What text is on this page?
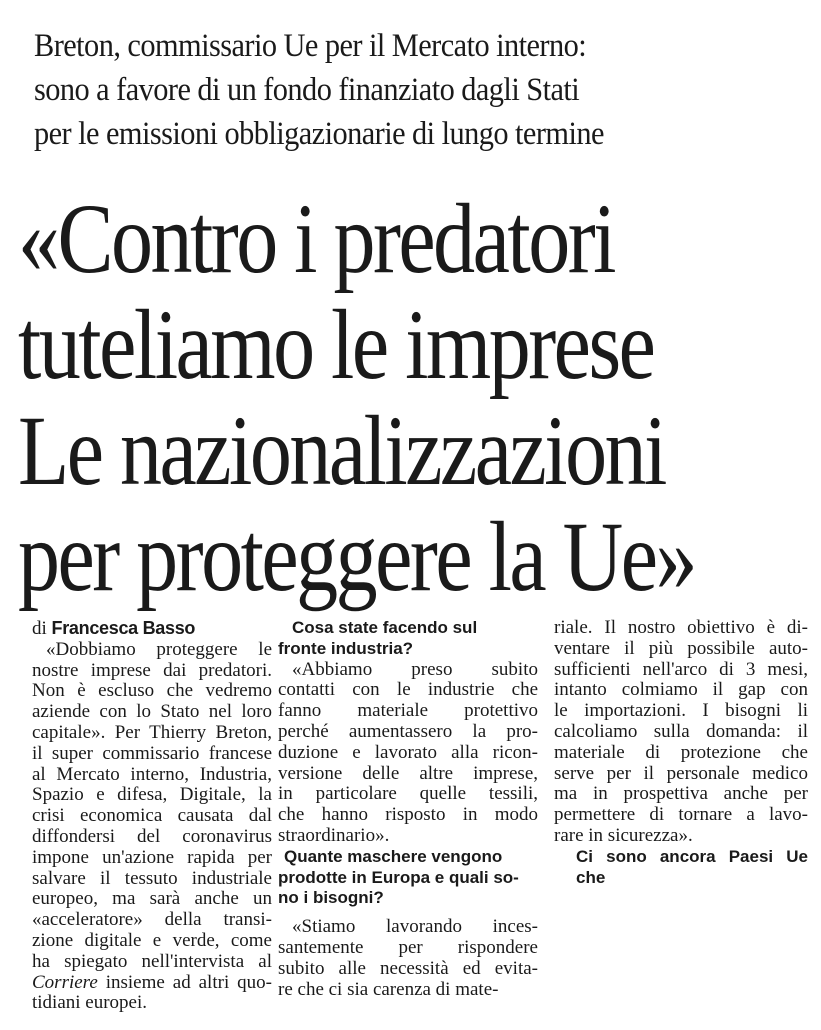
Breton, commissario Ue per il Mercato interno:
sono a favore di un fondo finanziato dagli Stati
per le emissioni obbligazionarie di lungo termine
«Contro i predatori
tuteliamo le imprese
Le nazionalizzazioni
per proteggere la Ue»
di Francesca Basso
«Dobbiamo proteggere le
nostre imprese dai predatori.
Non è escluso che vedremo
aziende con lo Stato nel loro
capitale». Per Thierry Breton,
il super commissario francese
al Mercato interno, Industria,
Spazio e difesa, Digitale, la
crisi economica causata dal
diffondersi del coronavirus
impone un'azione rapida per
salvare il tessuto industriale
europeo, ma sarà anche un
«acceleratore» della transi-
zione digitale e verde, come
ha spiegato nell'intervista al
Corriere insieme ad altri quo-
tidiani europei.
Cosa state facendo sul
fronte industria?
«Abbiamo preso subito
contatti con le industrie che
fanno materiale protettivo
perché aumentassero la pro-
duzione e lavorato alla ricon-
versione delle altre imprese,
in particolare quelle tessili,
che hanno risposto in modo
straordinario».
Quante maschere vengono
prodotte in Europa e quali so-
no i bisogni?
«Stiamo lavorando inces-
santemente per rispondere
subito alle necessità ed evita-
re che ci sia carenza di mate-
riale. Il nostro obiettivo è di-
ventare il più possibile auto-
sufficienti nell'arco di 3 mesi,
intanto colmiamo il gap con
le importazioni. I bisogni li
calcoliamo sulla domanda: il
materiale di protezione che
serve per il personale medico
ma in prospettiva anche per
permettere di tornare a lavo-
rare in sicurezza».
Ci sono ancora Paesi Ue che
